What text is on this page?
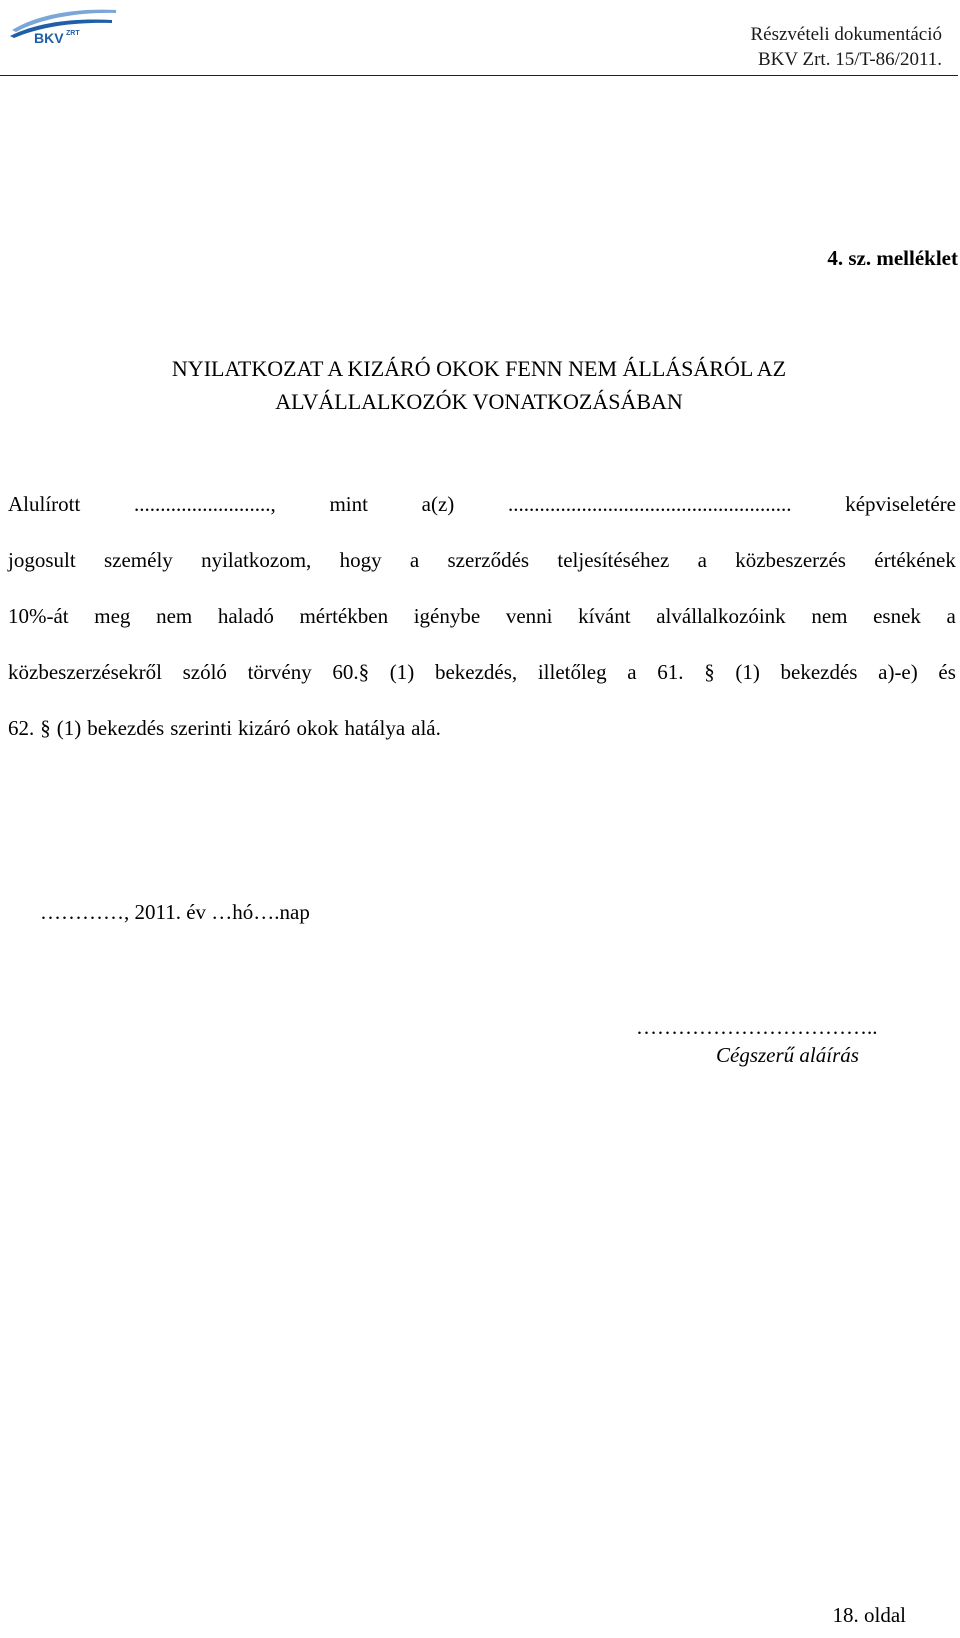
BKV ZRT	Részvételi dokumentáció
BKV Zrt. 15/T-86/2011.
4. sz. melléklet
NYILATKOZAT A KIZÁRÓ OKOK FENN NEM ÁLLÁSÁRÓL AZ
ALVÁLLALKOZÓK VONATKOZÁSÁBAN
Alulírott	..........................,	mint	a(z)	......................................................	képviseletére
jogosult személy nyilatkozom, hogy a szerződés teljesítéséhez a közbeszerzés értékének
10%-át meg nem haladó mértékben igénybe venni kívánt alvállalkozóink nem esnek a
közbeszerzésekről szóló törvény 60.§ (1) bekezdés, illetőleg a 61. § (1) bekezdés a)-e) és
62. § (1) bekezdés szerinti kizáró okok hatálya alá.
…………, 2011. év …hó….nap
……………………………..
Cégszerű aláírás
18. oldal
